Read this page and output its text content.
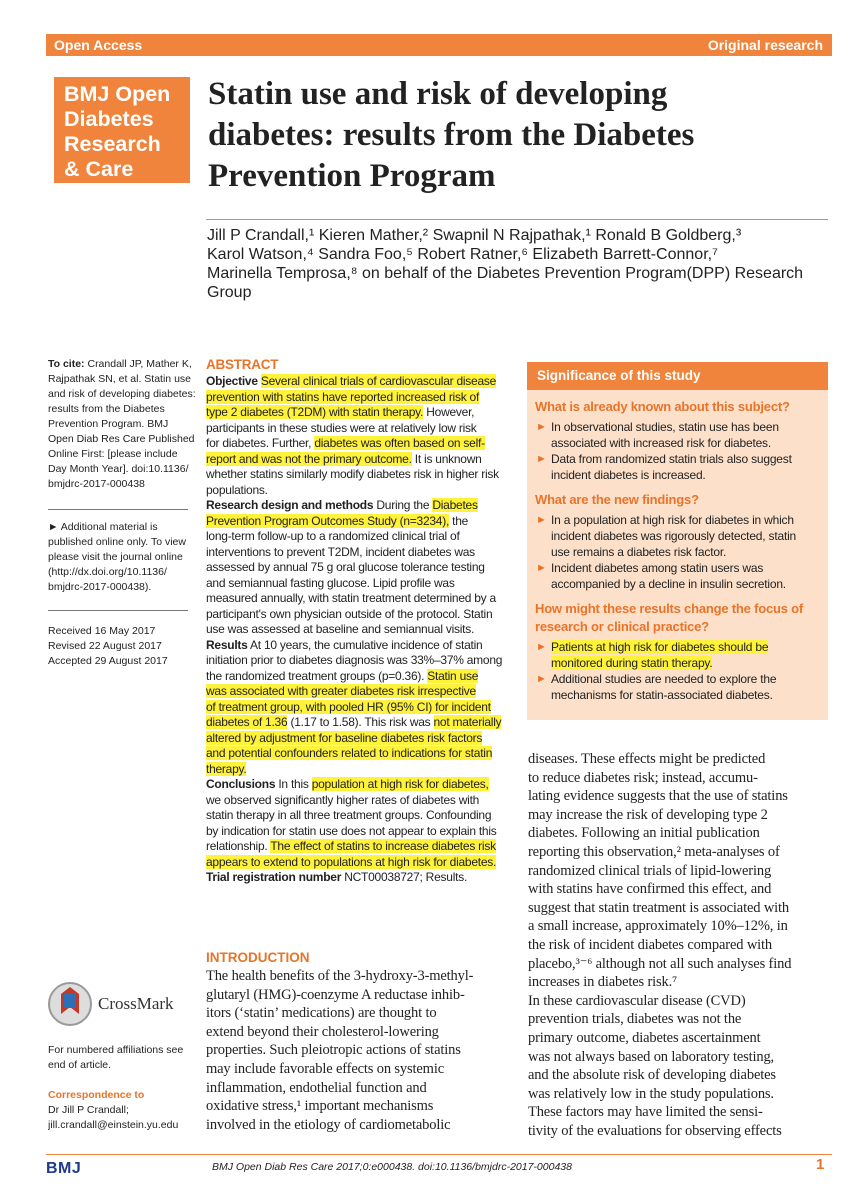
Open Access	Original research
BMJ Open
Diabetes
Research
& Care
Statin use and risk of developing
diabetes: results from the Diabetes
Prevention Program
Jill P Crandall,¹ Kieren Mather,² Swapnil N Rajpathak,¹ Ronald B Goldberg,³
Karol Watson,⁴ Sandra Foo,⁵ Robert Ratner,⁶ Elizabeth Barrett-Connor,⁷
Marinella Temprosa,⁸ on behalf of the Diabetes Prevention Program(DPP) Research
Group
To cite: Crandall JP, Mather K,
Rajpathak SN, et al. Statin use
and risk of developing diabetes:
results from the Diabetes
Prevention Program. BMJ
Open Diab Res Care Published
Online First: [please include
Day Month Year]. doi:10.1136/
bmjdrc-2017-000438
► Additional material is
published online only. To view
please visit the journal online
(http://dx.doi.org/10.1136/
bmjdrc-2017-000438).
Received 16 May 2017
Revised 22 August 2017
Accepted 29 August 2017
CrossMark
For numbered affiliations see
end of article.
Correspondence to
Dr Jill P Crandall;
jill.crandall@einstein.yu.edu
ABSTRACT
Objective Several clinical trials of cardiovascular disease
prevention with statins have reported increased risk of
type 2 diabetes (T2DM) with statin therapy. However,
participants in these studies were at relatively low risk
for diabetes. Further, diabetes was often based on self-
report and was not the primary outcome. It is unknown
whether statins similarly modify diabetes risk in higher risk
populations.
Research design and methods During the Diabetes
Prevention Program Outcomes Study (n=3234), the
long-term follow-up to a randomized clinical trial of
interventions to prevent T2DM, incident diabetes was
assessed by annual 75 g oral glucose tolerance testing
and semiannual fasting glucose. Lipid profile was
measured annually, with statin treatment determined by a
participant's own physician outside of the protocol. Statin
use was assessed at baseline and semiannual visits.
Results At 10 years, the cumulative incidence of statin
initiation prior to diabetes diagnosis was 33%–37% among
the randomized treatment groups (p=0.36). Statin use
was associated with greater diabetes risk irrespective
of treatment group, with pooled HR (95% CI) for incident
diabetes of 1.36 (1.17 to 1.58). This risk was not materially
altered by adjustment for baseline diabetes risk factors
and potential confounders related to indications for statin
therapy.
Conclusions In this population at high risk for diabetes,
we observed significantly higher rates of diabetes with
statin therapy in all three treatment groups. Confounding
by indication for statin use does not appear to explain this
relationship. The effect of statins to increase diabetes risk
appears to extend to populations at high risk for diabetes.
Trial registration number NCT00038727; Results.
INTRODUCTION
The health benefits of the 3-hydroxy-3-methyl-
glutaryl (HMG)-coenzyme A reductase inhib-
itors (‘statin’ medications) are thought to
extend beyond their cholesterol-lowering
properties. Such pleiotropic actions of statins
may include favorable effects on systemic
inflammation, endothelial function and
oxidative stress,¹ important mechanisms
involved in the etiology of cardiometabolic
Significance of this study
What is already known about this subject?
► In observational studies, statin use has been
associated with increased risk for diabetes.
► Data from randomized statin trials also suggest
incident diabetes is increased.
What are the new findings?
► In a population at high risk for diabetes in which
incident diabetes was rigorously detected, statin
use remains a diabetes risk factor.
► Incident diabetes among statin users was
accompanied by a decline in insulin secretion.
How might these results change the focus of
research or clinical practice?
► Patients at high risk for diabetes should be
monitored during statin therapy.
► Additional studies are needed to explore the
mechanisms for statin-associated diabetes.
diseases. These effects might be predicted
to reduce diabetes risk; instead, accumu-
lating evidence suggests that the use of statins
may increase the risk of developing type 2
diabetes. Following an initial publication
reporting this observation,² meta-analyses of
randomized clinical trials of lipid-lowering
with statins have confirmed this effect, and
suggest that statin treatment is associated with
a small increase, approximately 10%–12%, in
the risk of incident diabetes compared with
placebo,³⁻⁶ although not all such analyses find
increases in diabetes risk.⁷
In these cardiovascular disease (CVD)
prevention trials, diabetes was not the
primary outcome, diabetes ascertainment
was not always based on laboratory testing,
and the absolute risk of developing diabetes
was relatively low in the study populations.
These factors may have limited the sensi-
tivity of the evaluations for observing effects
BMJ	BMJ Open Diab Res Care 2017;0:e000438. doi:10.1136/bmjdrc-2017-000438	1
